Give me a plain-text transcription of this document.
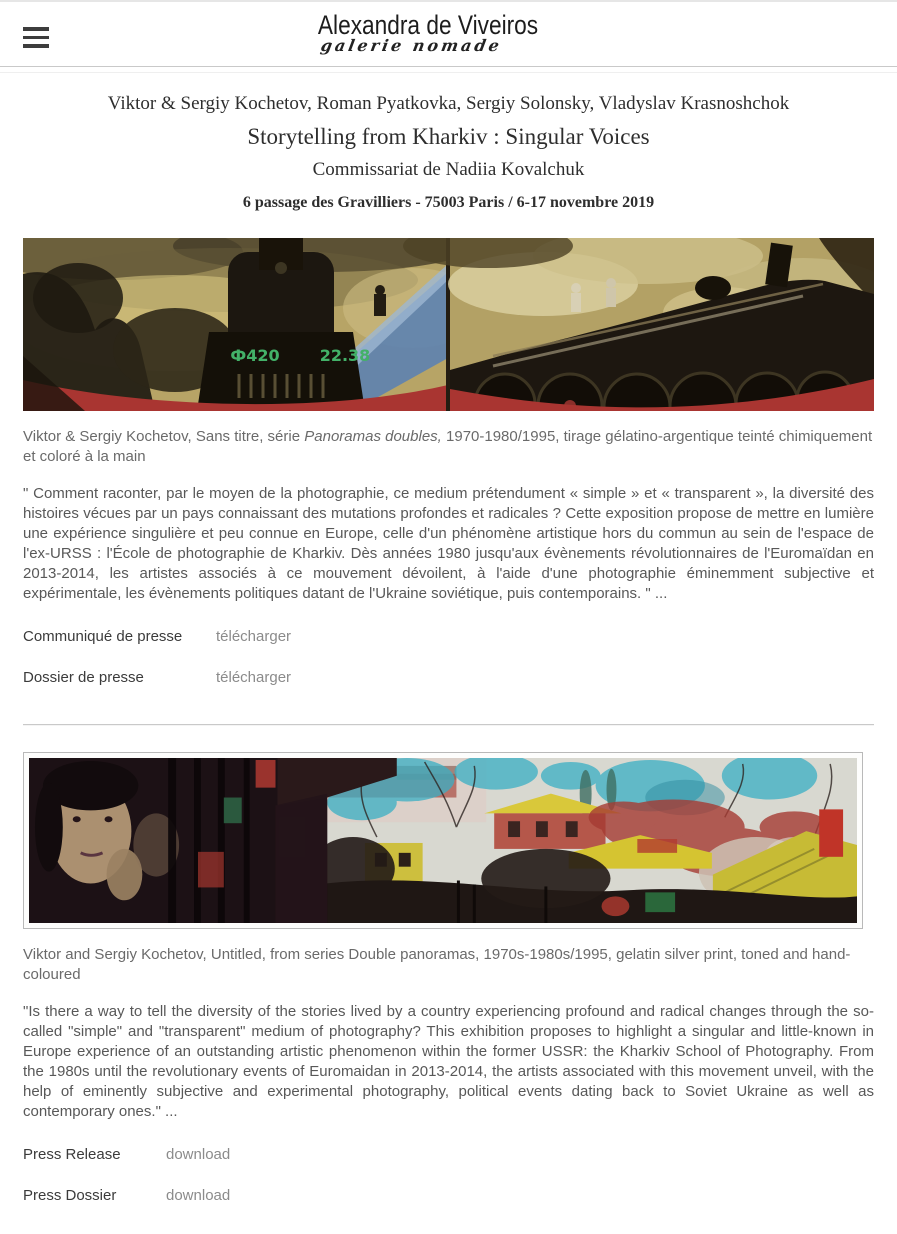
Alexandra de Viveiros
galerie nomade
Viktor & Sergiy Kochetov, Roman Pyatkovka, Sergiy Solonsky, Vladyslav Krasnoshchok
Storytelling from Kharkiv : Singular Voices
Commissariat de Nadiia Kovalchuk
6 passage des Gravilliers - 75003 Paris / 6-17 novembre 2019
Ф420	22.38

Viktor & Sergiy Kochetov, Sans titre, série Panoramas doubles, 1970-1980/1995, tirage gélatino-argentique teinté chimiquement et coloré à la main

" Comment raconter, par le moyen de la photographie, ce medium prétendument « simple » et « transparent », la diversité des histoires vécues par un pays connaissant des mutations profondes et radicales ? Cette exposition propose de mettre en lumière une expérience singulière et peu connue en Europe, celle d'un phénomène artistique hors du commun au sein de l'espace de l'ex-URSS : l'École de photographie de Kharkiv. Dès années 1980 jusqu'aux évènements révolutionnaires de l'Euromaïdan en 2013-2014, les artistes associés à ce mouvement dévoilent, à l'aide d'une photographie éminemment subjective et expérimentale, les évènements politiques datant de l'Ukraine soviétique, puis contemporains. " ...

Communiqué de presse	télécharger
Dossier de presse	télécharger

Viktor and Sergiy Kochetov, Untitled, from series Double panoramas, 1970s-1980s/1995, gelatin silver print, toned and hand-coloured

"Is there a way to tell the diversity of the stories lived by a country experiencing profound and radical changes through the so-called "simple" and "transparent" medium of photography? This exhibition proposes to highlight a singular and little-known in Europe experience of an outstanding artistic phenomenon within the former USSR: the Kharkiv School of Photography. From the 1980s until the revolutionary events of Euromaidan in 2013-2014, the artists associated with this movement unveil, with the help of eminently subjective and experimental photography, political events dating back to Soviet Ukraine as well as contemporary ones." ...

Press Release	download
Press Dossier	download
